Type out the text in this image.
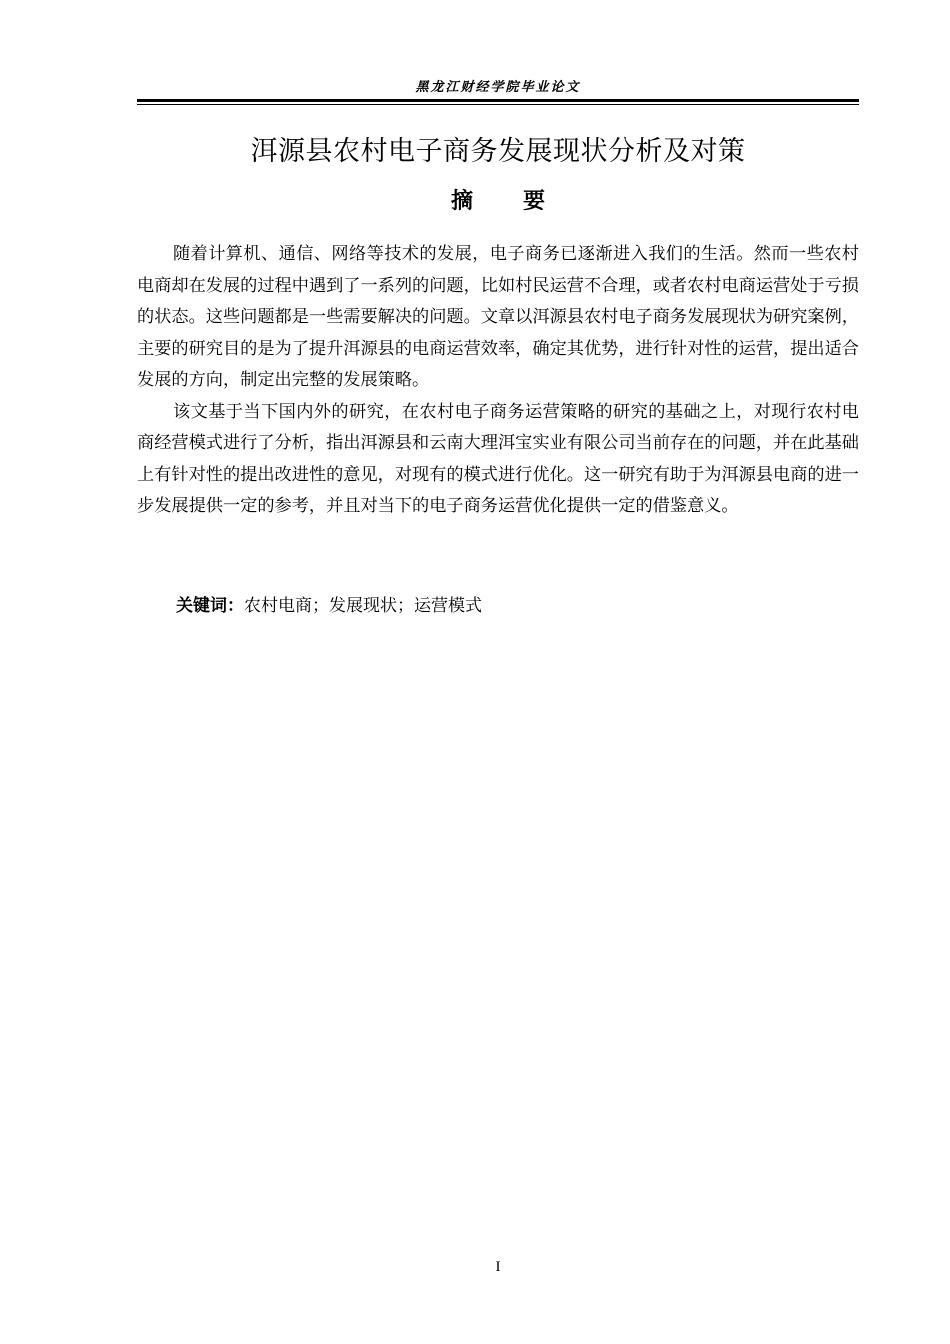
黑龙江财经学院毕业论文
洱源县农村电子商务发展现状分析及对策
摘要

随着计算机、通信、网络等技术的发展，电子商务已逐渐进入我们的生活。然而一些农村电商却在发展的过程中遇到了一系列的问题，比如村民运营不合理，或者农村电商运营处于亏损的状态。这些问题都是一些需要解决的问题。文章以洱源县农村电子商务发展现状为研究案例，主要的研究目的是为了提升洱源县的电商运营效率，确定其优势，进行针对性的运营，提出适合发展的方向，制定出完整的发展策略。

该文基于当下国内外的研究，在农村电子商务运营策略的研究的基础之上，对现行农村电商经营模式进行了分析，指出洱源县和云南大理洱宝实业有限公司当前存在的问题，并在此基础上有针对性的提出改进性的意见，对现有的模式进行优化。这一研究有助于为洱源县电商的进一步发展提供一定的参考，并且对当下的电子商务运营优化提供一定的借鉴意义。

关键词：农村电商；发展现状；运营模式
I
